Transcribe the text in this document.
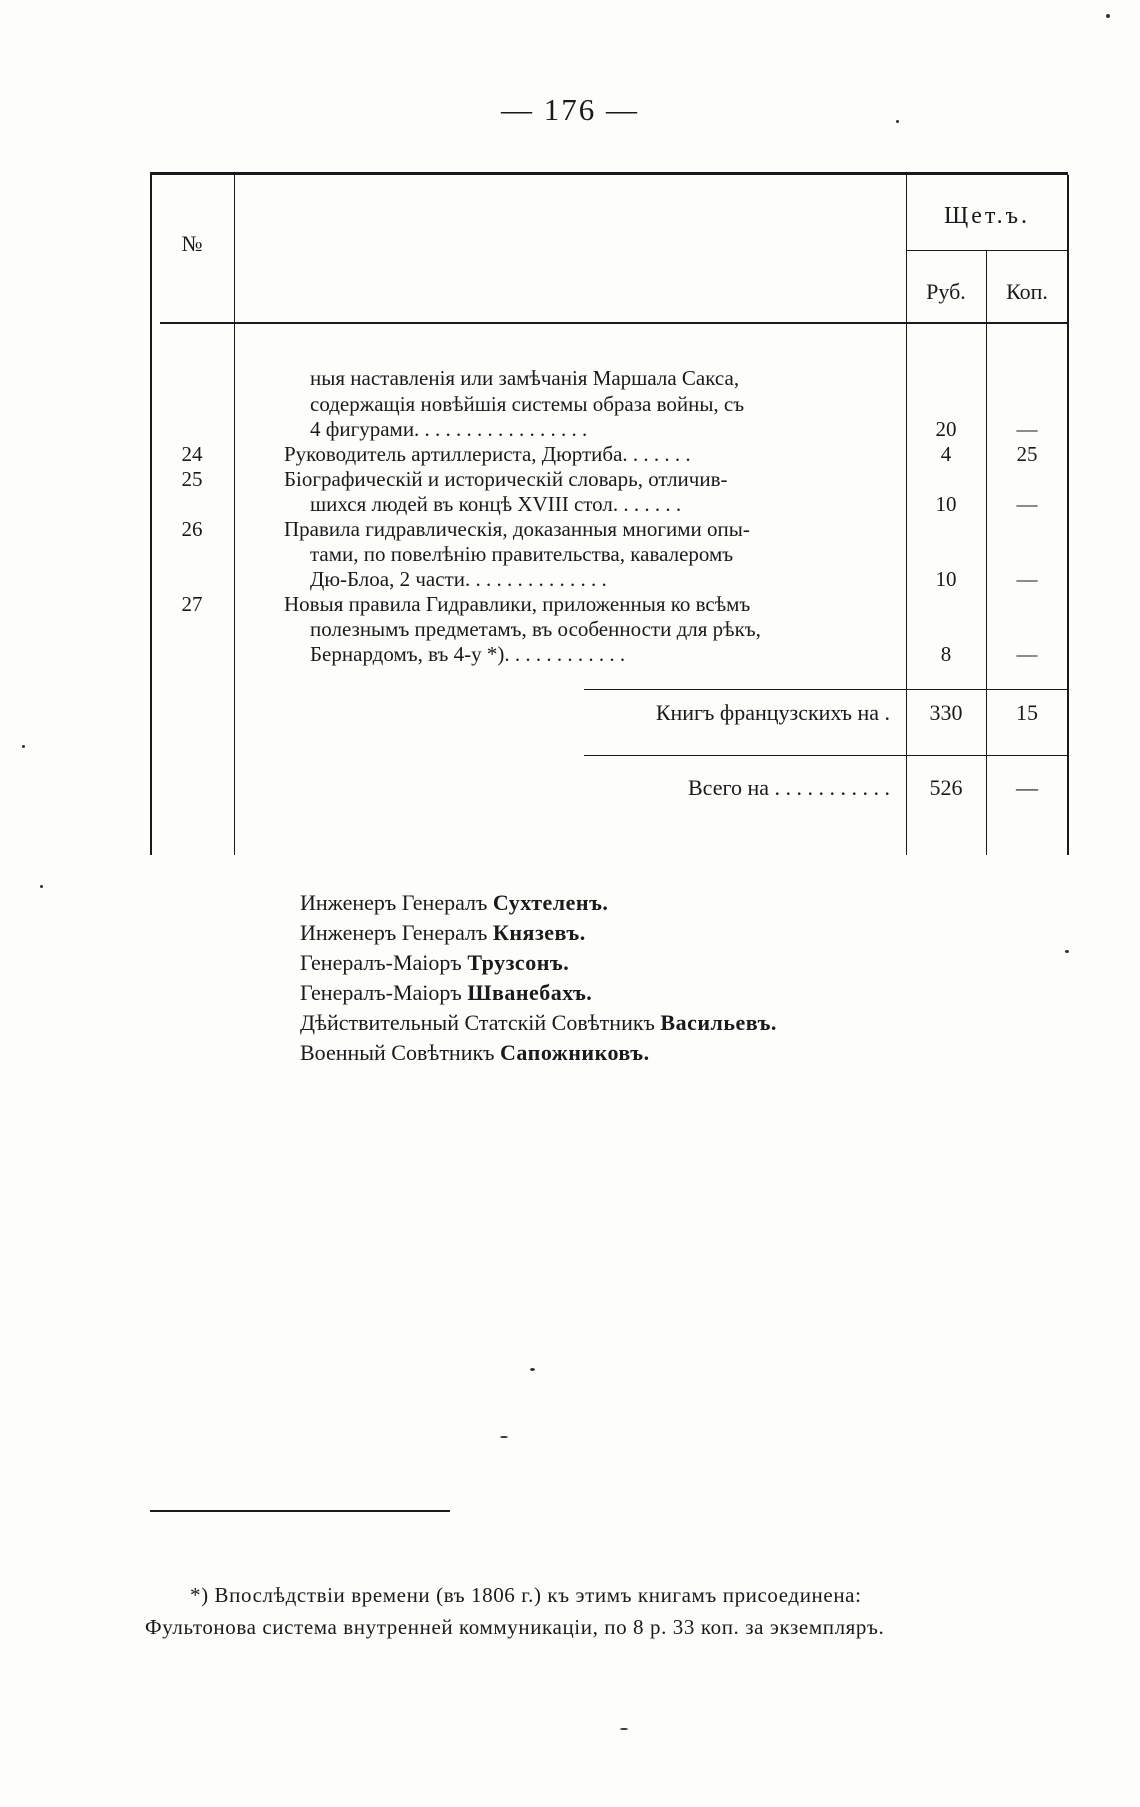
— 176 —
№
Щет.ъ.
Руб.	Коп.
ныя наставленія или замѣчанія Маршала Сакса,
содержащія новѣйшія системы образа войны, съ
4 фигурами. . . . . . . . . . . . . . . . .	20	—
24	Руководитель артиллериста, Дюртиба. . . . . . .	4	25
25	Біографическій и историческій словарь, отличив-
шихся людей въ концѣ XVIII стол. . . . . . .	10	—
26	Правила гидравлическія, доказанныя многими опы-
тами, по повелѣнію правительства, кавалеромъ
Дю-Блоа, 2 части. . . . . . . . . . . . . .	10	—
27	Новыя правила Гидравлики, приложенныя ко всѣмъ
полезнымъ предметамъ, въ особенности для рѣкъ,
Бернардомъ, въ 4-у *). . . . . . . . . . . .	8	—
Книгъ французскихъ на .	330	15
Всего на . . . . . . . . . . .	526	—
Инженеръ Генералъ Сухтеленъ.
Инженеръ Генералъ Князевъ.
Генералъ-Маіоръ Трузсонъ.
Генералъ-Маіоръ Шванебахъ.
Дѣйствительный Статскій Совѣтникъ Васильевъ.
Военный Совѣтникъ Сапожниковъ.
*) Впослѣдствіи времени (въ 1806 г.) къ этимъ книгамъ присоединена:
Фультонова система внутренней коммуникаціи, по 8 р. 33 коп. за экземпляръ.
